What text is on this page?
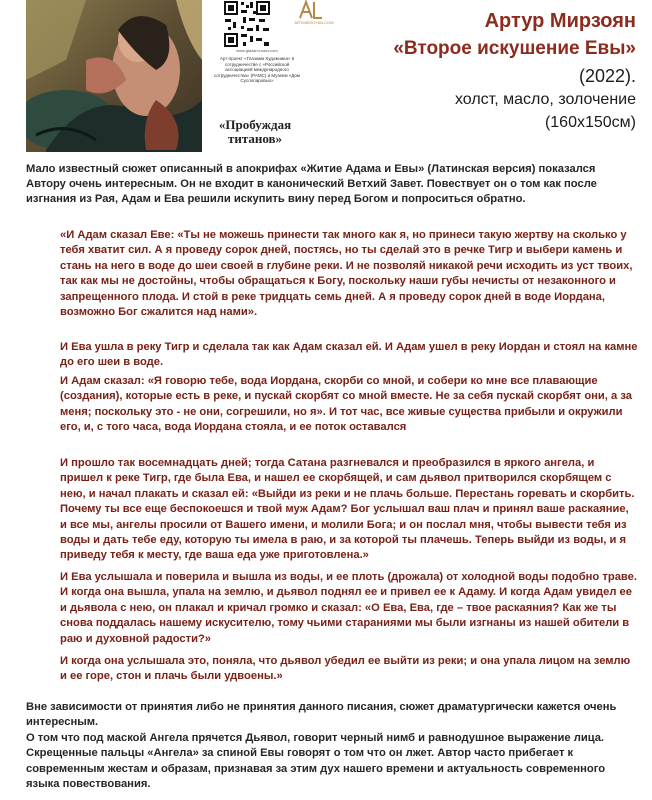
www.glazami-nazv.com
Арт-проект «Глазами Художника» в сотрудничестве с «Российской ассоциацией международного сотрудничества» (РАМС) и Музеем «Дом Суслопаровых»
ARTMIRZOYAN.COM
«Пробуждая титанов»
Артур Мирзоян
«Второе искушение Евы»
(2022).
холст, масло, золочение
(160х150см)

Мало известный сюжет описанный в апокрифах «Житие Адама и Евы» (Латинская версия) показался Автору очень интересным. Он не входит в канонический Ветхий Завет. Повествует он о том как после изгнания из Рая, Адам и Ева решили искупить вину перед Богом и попроситься обратно.

«И Адам сказал Еве: «Ты не можешь принести так много как я, но принеси такую жертву на сколько у тебя хватит сил. А я проведу сорок дней, постясь, но ты сделай это в речке Тигр и выбери камень и стань на него в воде до шеи своей в глубине реки. И не позволяй никакой речи исходить из уст твоих, так как мы не достойны, чтобы обращаться к Богу, поскольку наши губы нечисты от незаконного и запрещенного плода. И стой в реке тридцать семь дней. А я проведу сорок дней в воде Иордана, возможно Бог сжалится над нами».

И Ева ушла в реку Тигр и сделала так как Адам сказал ей. И Адам ушел в реку Иордан и стоял на камне до его шеи в воде.

И Адам сказал: «Я говорю тебе, вода Иордана, скорби со мной, и собери ко мне все плавающие (создания), которые есть в реке, и пускай скорбят со мной вместе. Не за себя пускай скорбят они, а за меня; поскольку это - не они, согрешили, но я». И тот час, все живые существа прибыли и окружили его, и, с того часа, вода Иордана стояла, и ее поток оставался

И прошло так восемнадцать дней; тогда Сатана разгневался и преобразился в яркого ангела, и пришел к реке Тигр, где была Ева, и нашел ее скорбящей, и сам дьявол притворился скорбящем с нею, и начал плакать и сказал ей: «Выйди из реки и не плачь больше. Перестань горевать и скорбить. Почему ты все еще беспокоешся и твой муж Адам? Бог услышал ваш плач и принял ваше раскаяние, и все мы, ангелы просили от Вашего имени, и молили Бога; и он послал мня, чтобы вывести тебя из воды и дать тебе еду, которую ты имела в раю, и за которой ты плачешь. Теперь выйди из воды, и я приведу тебя к месту, где ваша еда уже приготовлена.»

И Ева услышала и поверила и вышла из воды, и ее плоть (дрожала) от холодной воды подобно траве. И когда она вышла, упала на землю, и дьявол поднял ее и привел ее к Адаму. И когда Адам увидел ее и дьявола с нею, он плакал и кричал громко и сказал: «О Ева, Ева, где – твое раскаяния? Как же ты снова поддалась нашему искусителю, тому чьими стараниями мы были изгнаны из нашей обители в раю и духовной радости?»

И когда она услышала это, поняла, что дьявол убедил ее выйти из реки; и она упала лицом на землю и ее горе, стон и плачь были удвоены.»

Вне зависимости от принятия либо не принятия данного писания, сюжет драматургически кажется очень интересным.
О том что под маской Ангела прячется Дьявол, говорит черный нимб и равнодушное выражение лица. Скрещенные пальцы «Ангела» за спиной Евы говорят о том что он лжет. Автор часто прибегает к современным жестам и образам, признавая за этим дух нашего времени и актуальность современного языка повествования.
